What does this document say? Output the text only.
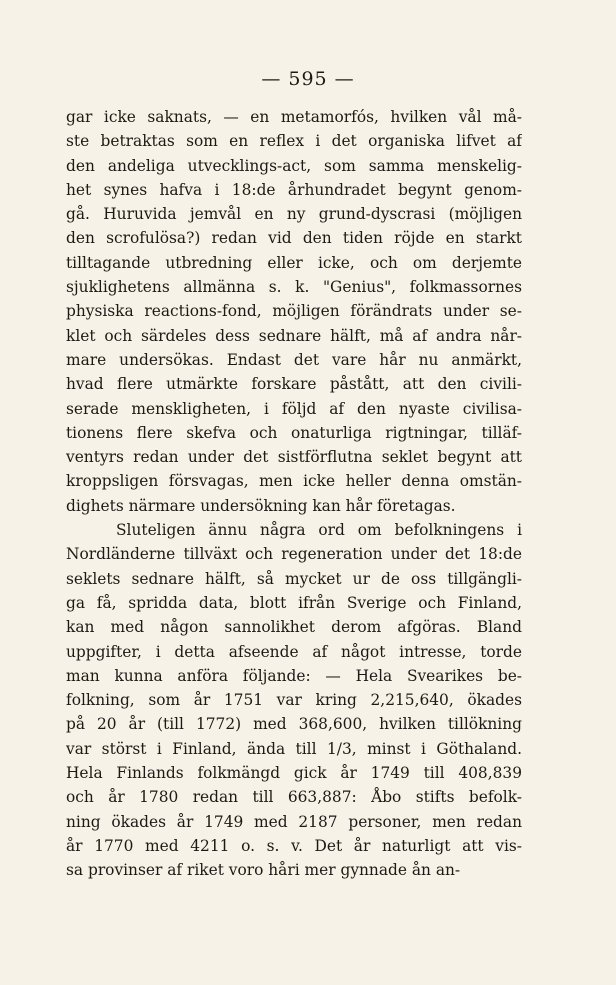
— 595 —
gar icke saknats, — en metamorfós, hvilken vål må-
ste betraktas som en reflex i det organiska lifvet af
den andeliga utvecklings-act, som samma menskelig-
het synes hafva i 18:de århundradet begynt genom-
gå. Huruvida jemvål en ny grund-dyscrasi (möjligen
den scrofulösa?) redan vid den tiden röjde en starkt
tilltagande utbredning eller icke, och om derjemte
sjuklighetens allmänna s. k. "Genius", folkmassornes
physiska reactions-fond, möjligen förändrats under se-
klet och särdeles dess sednare hälft, må af andra når-
mare undersökas. Endast det vare hår nu anmärkt,
hvad flere utmärkte forskare påstått, att den civili-
serade menskligheten, i följd af den nyaste civilisa-
tionens flere skefva och onaturliga rigtningar, tilläf-
ventyrs redan under det sistförflutna seklet begynt att
kroppsligen försvagas, men icke heller denna omstän-
dighets närmare undersökning kan hår företagas.
Sluteligen ännu några ord om befolkningens i
Nordländerne tillväxt och regeneration under det 18:de
seklets sednare hälft, så mycket ur de oss tillgängli-
ga få, spridda data, blott ifrån Sverige och Finland,
kan med någon sannolikhet derom afgöras. Bland
uppgifter, i detta afseende af något intresse, torde
man kunna anföra följande: — Hela Svearikes be-
folkning, som år 1751 var kring 2,215,640, ökades
på 20 år (till 1772) med 368,600, hvilken tillökning
var störst i Finland, ända till 1/3, minst i Göthaland.
Hela Finlands folkmängd gick år 1749 till 408,839
och år 1780 redan till 663,887: Åbo stifts befolk-
ning ökades år 1749 med 2187 personer, men redan
år 1770 med 4211 o. s. v. Det år naturligt att vis-
sa provinser af riket voro håri mer gynnade ån an-
